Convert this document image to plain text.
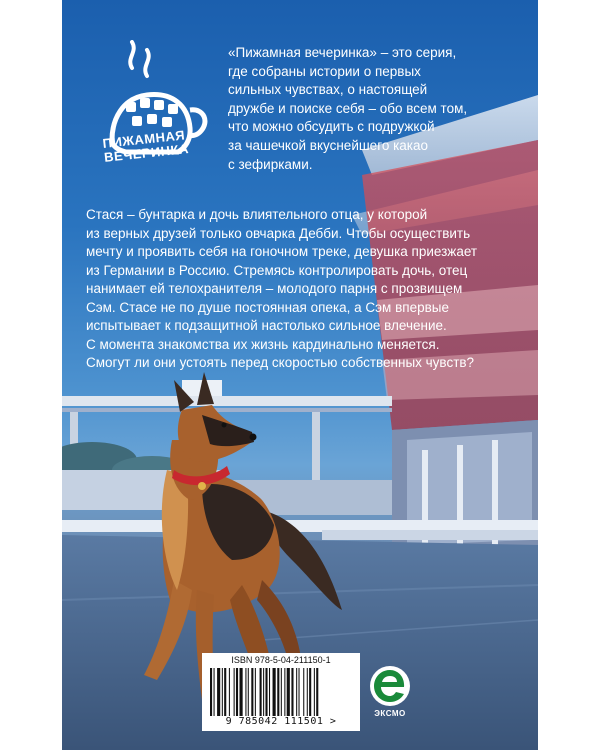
ПИЖАМНАЯ ВЕЧЕРИНКА
«Пижамная вечеринка» – это серия,
где собраны истории о первых
сильных чувствах, о настоящей
дружбе и поиске себя – обо всем том,
что можно обсудить с подружкой
за чашечкой вкуснейшего какао
с зефирками.
Стася – бунтарка и дочь влиятельного отца, у которой
из верных друзей только овчарка Дебби. Чтобы осуществить
мечту и проявить себя на гоночном треке, девушка приезжает
из Германии в Россию. Стремясь контролировать дочь, отец
нанимает ей телохранителя – молодого парня с прозвищем
Сэм. Стасе не по душе постоянная опека, а Сэм впервые
испытывает к подзащитной настолько сильное влечение.
С момента знакомства их жизнь кардинально меняется.
Смогут ли они устоять перед скоростью собственных чувств?
ISBN 978-5-04-211150-1
9 785042 111501 >
ЭКСМО
